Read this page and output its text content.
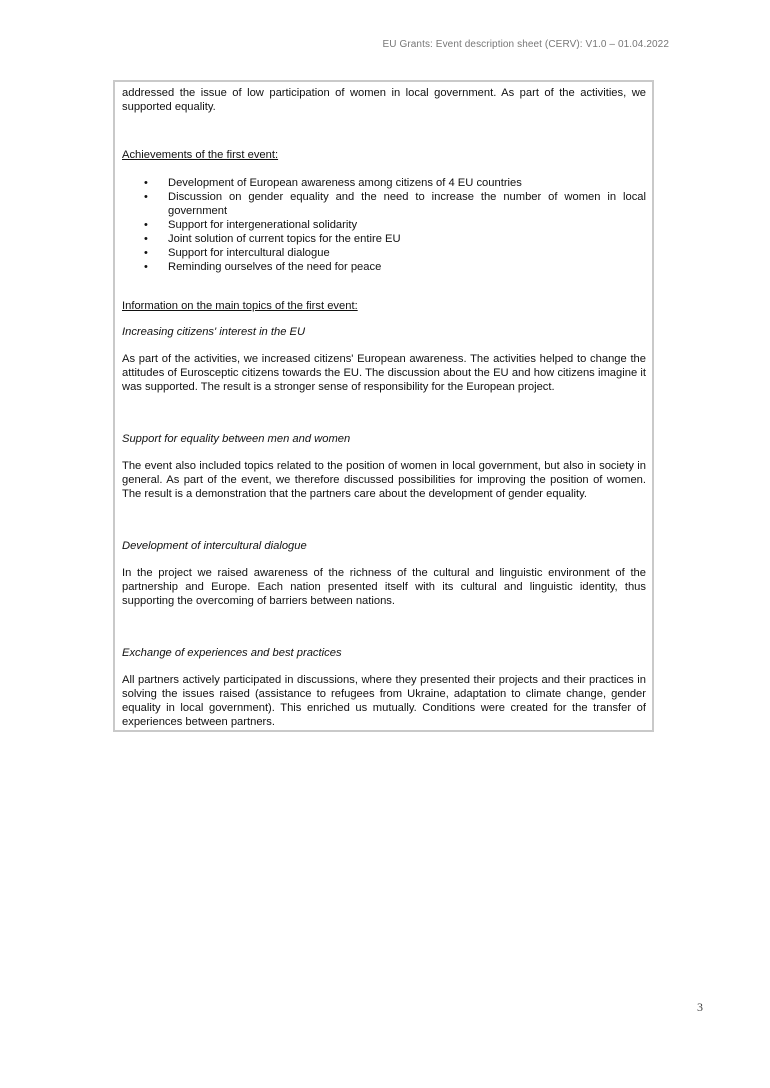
EU Grants: Event description sheet (CERV): V1.0 – 01.04.2022

addressed the issue of low participation of women in local government. As part of the activities, we supported equality.

Achievements of the first event:

• Development of European awareness among citizens of 4 EU countries
• Discussion on gender equality and the need to increase the number of women in local government
• Support for intergenerational solidarity
• Joint solution of current topics for the entire EU
• Support for intercultural dialogue
• Reminding ourselves of the need for peace

Information on the main topics of the first event:

Increasing citizens' interest in the EU

As part of the activities, we increased citizens' European awareness. The activities helped to change the attitudes of Eurosceptic citizens towards the EU. The discussion about the EU and how citizens imagine it was supported. The result is a stronger sense of responsibility for the European project.

Support for equality between men and women

The event also included topics related to the position of women in local government, but also in society in general. As part of the event, we therefore discussed possibilities for improving the position of women. The result is a demonstration that the partners care about the development of gender equality.

Development of intercultural dialogue

In the project we raised awareness of the richness of the cultural and linguistic environment of the partnership and Europe. Each nation presented itself with its cultural and linguistic identity, thus supporting the overcoming of barriers between nations.

Exchange of experiences and best practices

All partners actively participated in discussions, where they presented their projects and their practices in solving the issues raised (assistance to refugees from Ukraine, adaptation to climate change, gender equality in local government). This enriched us mutually. Conditions were created for the transfer of experiences between partners.

3
